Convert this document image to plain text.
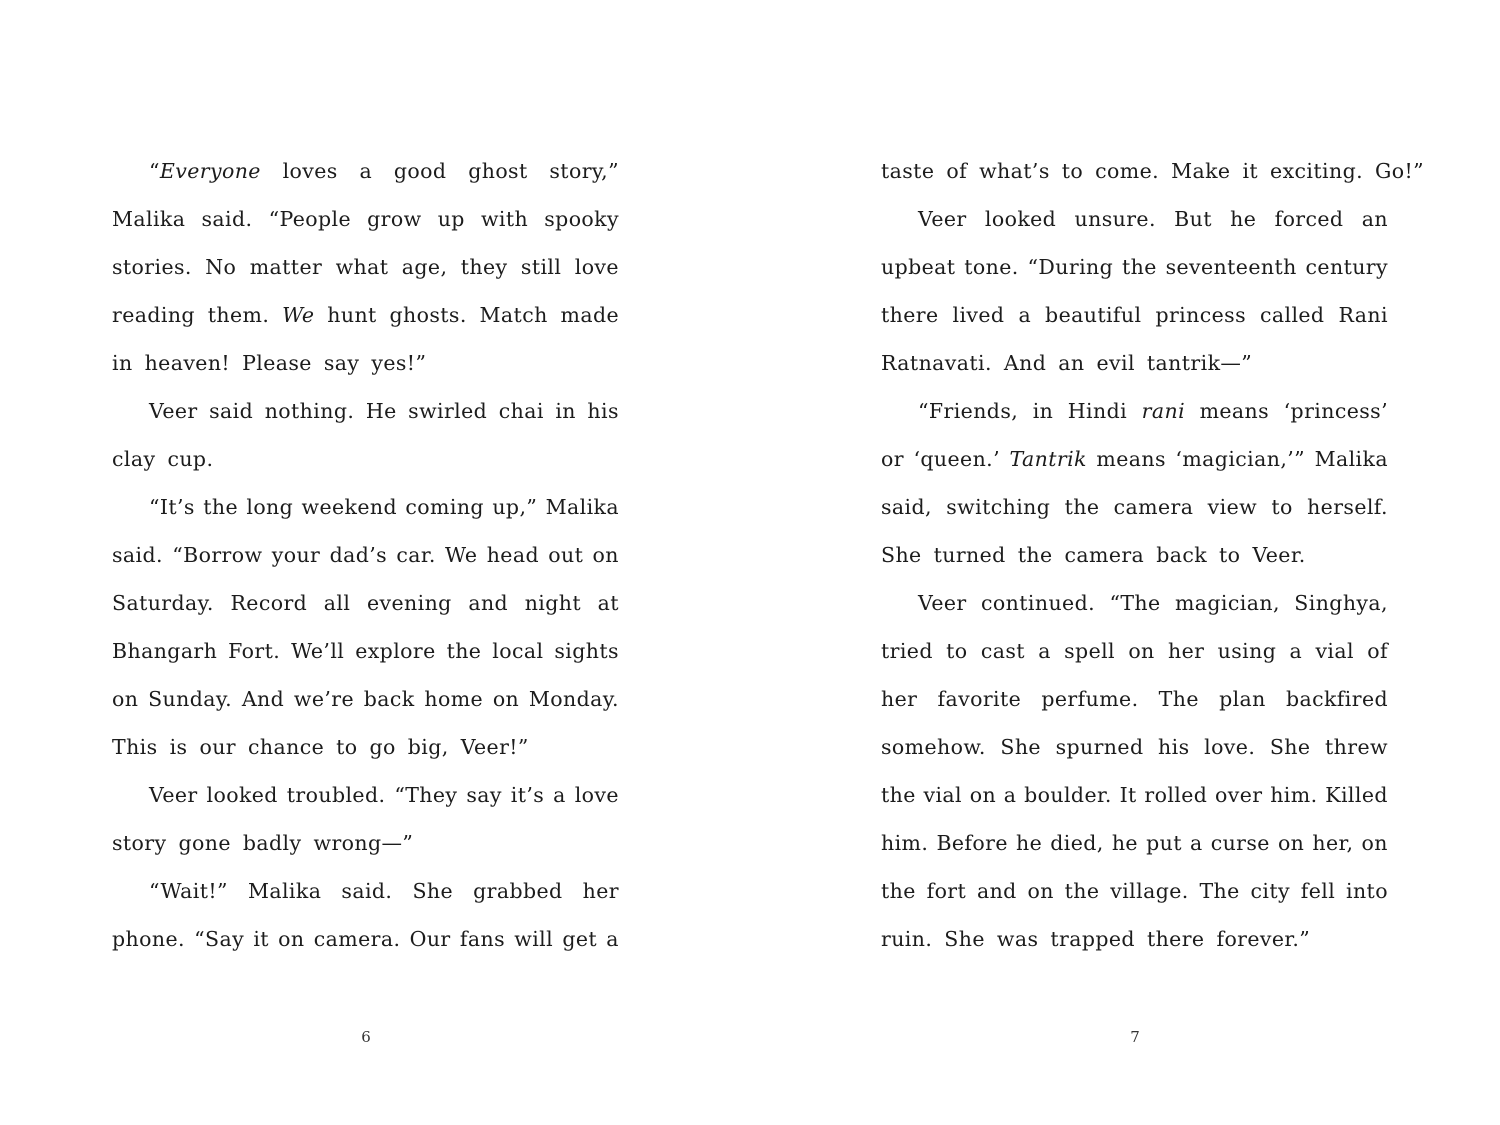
“Everyone loves a good ghost story,”
Malika said. “People grow up with spooky
stories. No matter what age, they still love
reading them. We hunt ghosts. Match made
in heaven! Please say yes!”
Veer said nothing. He swirled chai in his
clay cup.
“It’s the long weekend coming up,” Malika
said. “Borrow your dad’s car. We head out on
Saturday. Record all evening and night at
Bhangarh Fort. We’ll explore the local sights
on Sunday. And we’re back home on Monday.
This is our chance to go big, Veer!”
Veer looked troubled. “They say it’s a love
story gone badly wrong—”
“Wait!” Malika said. She grabbed her
phone. “Say it on camera. Our fans will get a
taste of what’s to come. Make it exciting. Go!”
Veer looked unsure. But he forced an
upbeat tone. “During the seventeenth century
there lived a beautiful princess called Rani
Ratnavati. And an evil tantrik—”
“Friends, in Hindi rani means ‘princess’
or ‘queen.’ Tantrik means ‘magician,’” Malika
said, switching the camera view to herself.
She turned the camera back to Veer.
Veer continued. “The magician, Singhya,
tried to cast a spell on her using a vial of
her favorite perfume. The plan backfired
somehow. She spurned his love. She threw
the vial on a boulder. It rolled over him. Killed
him. Before he died, he put a curse on her, on
the fort and on the village. The city fell into
ruin. She was trapped there forever.”
6	7
